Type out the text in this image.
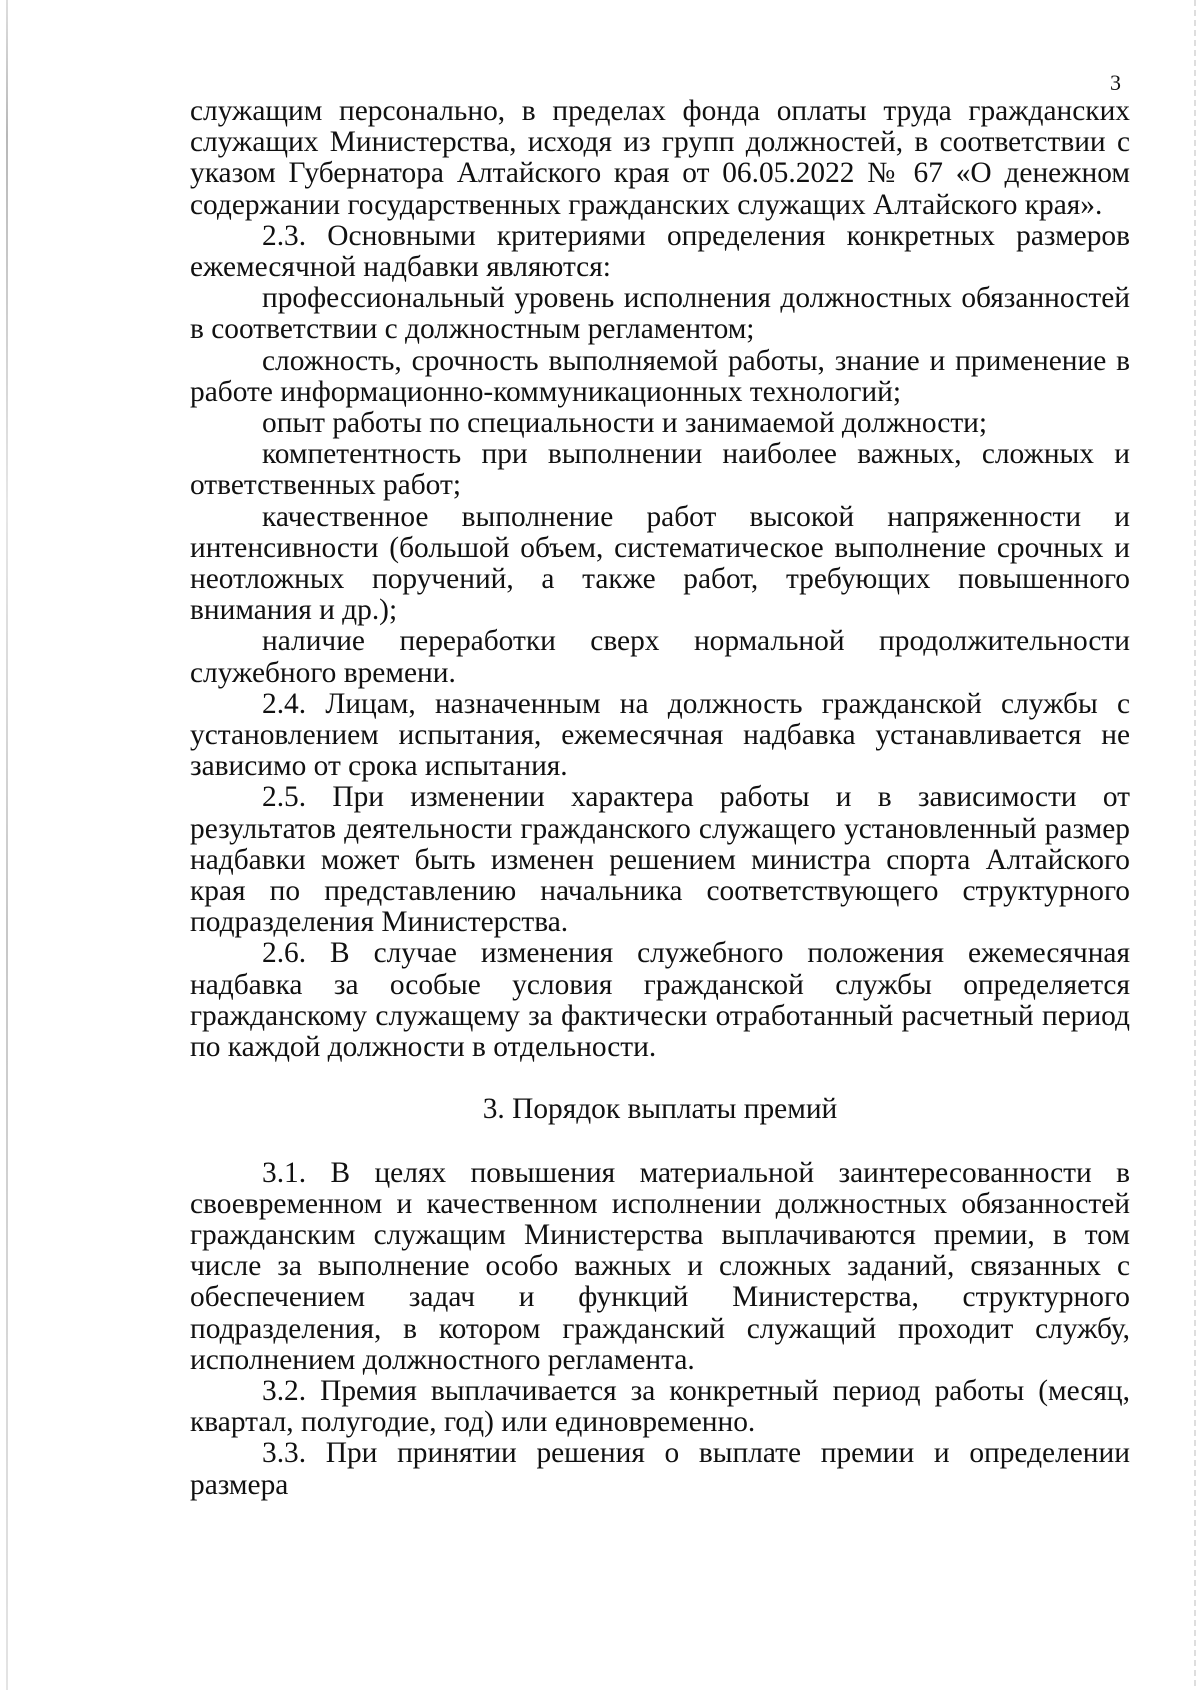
3

служащим персонально, в пределах фонда оплаты труда гражданских служащих Министерства, исходя из групп должностей, в соответствии с указом Губернатора Алтайского края от 06.05.2022 № 67 «О денежном содержании государственных гражданских служащих Алтайского края».

2.3. Основными критериями определения конкретных размеров ежемесячной надбавки являются:

профессиональный уровень исполнения должностных обязанностей в соответствии с должностным регламентом;

сложность, срочность выполняемой работы, знание и применение в работе информационно-коммуникационных технологий;

опыт работы по специальности и занимаемой должности;

компетентность при выполнении наиболее важных, сложных и ответственных работ;

качественное выполнение работ высокой напряженности и интенсивности (большой объем, систематическое выполнение срочных и неотложных поручений, а также работ, требующих повышенного внимания и др.);

наличие переработки сверх нормальной продолжительности служебного времени.

2.4. Лицам, назначенным на должность гражданской службы с установлением испытания, ежемесячная надбавка устанавливается не зависимо от срока испытания.

2.5. При изменении характера работы и в зависимости от результатов деятельности гражданского служащего установленный размер надбавки может быть изменен решением министра спорта Алтайского края по представлению начальника соответствующего структурного подразделения Министерства.

2.6. В случае изменения служебного положения ежемесячная надбавка за особые условия гражданской службы определяется гражданскому служащему за фактически отработанный расчетный период по каждой должности в отдельности.

3. Порядок выплаты премий

3.1. В целях повышения материальной заинтересованности в своевременном и качественном исполнении должностных обязанностей гражданским служащим Министерства выплачиваются премии, в том числе за выполнение особо важных и сложных заданий, связанных с обеспечением задач и функций Министерства, структурного подразделения, в котором гражданский служащий проходит службу, исполнением должностного регламента.

3.2. Премия выплачивается за конкретный период работы (месяц, квартал, полугодие, год) или единовременно.

3.3. При принятии решения о выплате премии и определении размера
